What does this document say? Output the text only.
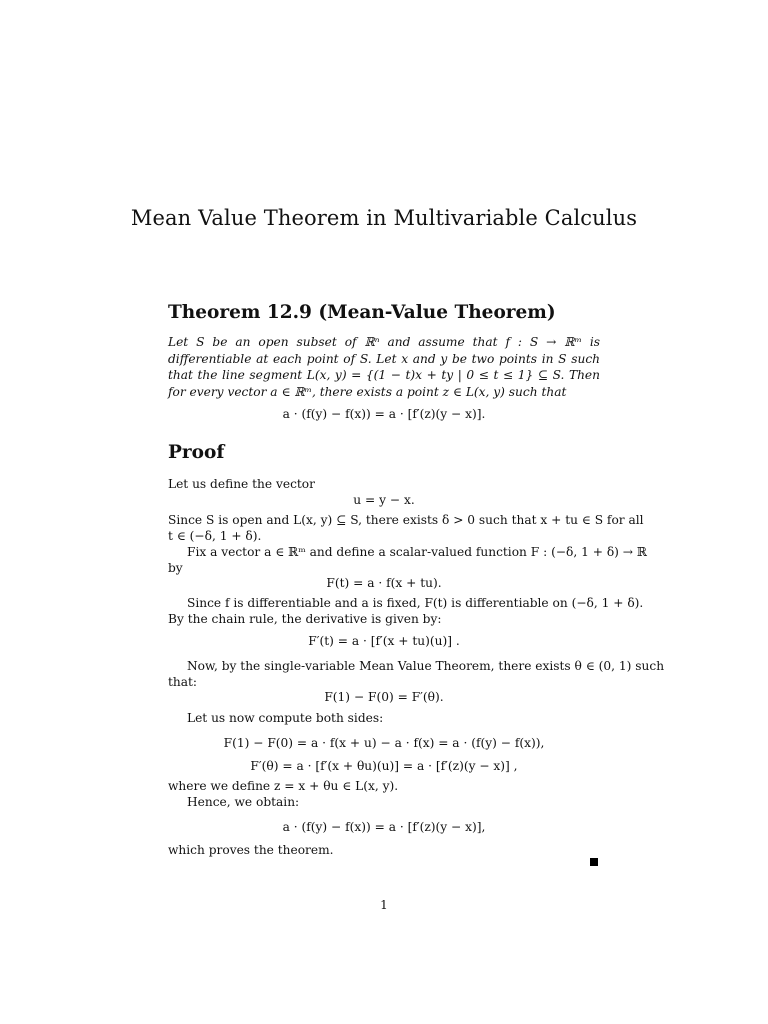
Mean Value Theorem in Multivariable Calculus
Theorem 12.9 (Mean-Value Theorem)
Let S be an open subset of ℝⁿ and assume that f : S → ℝᵐ is differentiable at each point of S. Let x and y be two points in S such that the line segment L(x, y) = {(1 − t)x + ty | 0 ≤ t ≤ 1} ⊆ S. Then for every vector a ∈ ℝᵐ, there exists a point z ∈ L(x, y) such that
a · (f(y) − f(x)) = a · [f′(z)(y − x)].
Proof
Let us define the vector
u = y − x.
Since S is open and L(x, y) ⊆ S, there exists δ > 0 such that x + tu ∈ S for all
t ∈ (−δ, 1 + δ).
Fix a vector a ∈ ℝᵐ and define a scalar-valued function F : (−δ, 1 + δ) → ℝ
by
F(t) = a · f(x + tu).
Since f is differentiable and a is fixed, F(t) is differentiable on (−δ, 1 + δ).
By the chain rule, the derivative is given by:
F′(t) = a · [f′(x + tu)(u)] .
Now, by the single-variable Mean Value Theorem, there exists θ ∈ (0, 1) such
that:
F(1) − F(0) = F′(θ).
Let us now compute both sides:
F(1) − F(0) = a · f(x + u) − a · f(x) = a · (f(y) − f(x)),
F′(θ) = a · [f′(x + θu)(u)] = a · [f′(z)(y − x)] ,
where we define z = x + θu ∈ L(x, y).
Hence, we obtain:
a · (f(y) − f(x)) = a · [f′(z)(y − x)],
which proves the theorem.
1
